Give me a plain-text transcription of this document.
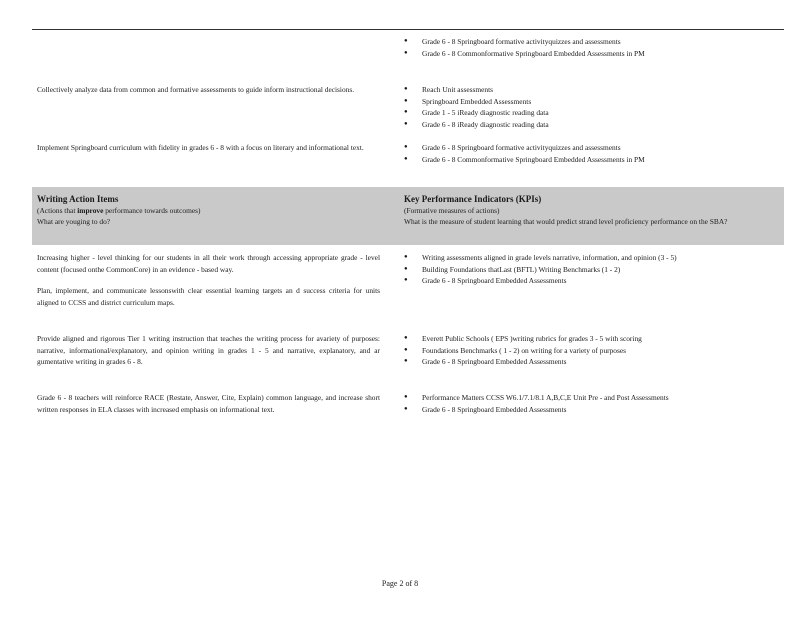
● Grade 6 - 8 Springboard formative activityquizzes and assessments
● Grade 6 - 8 Commonformative Springboard Embedded Assessments in PM
Collectively analyze data from common and formative assessments to guide inform instructional decisions.	● Reach Unit assessments
● Springboard Embedded Assessments
● Grade 1 - 5 iReady diagnostic reading data
● Grade 6 - 8 iReady diagnostic reading data
Implement Springboard curriculum with fidelity in grades 6 - 8 with a focus on literary and informational text.	● Grade 6 - 8 Springboard formative activityquizzes and assessments
● Grade 6 - 8 Commonformative Springboard Embedded Assessments in PM
Writing Action Items
(Actions that improve performance towards outcomes)
What are youging to do?
Key Performance Indicators (KPIs)
(Formative measures of actions)
What is the measure of student learning that would predict strand level proficiency performance on the SBA?

Increasing higher - level thinking for our students in all their work through accessing appropriate grade - level content (focused onthe CommonCore) in an evidence - based way.

Plan, implement, and communicate lessonswith clear essential learning targets an d success criteria for units aligned to CCSS and district curriculum maps.

● Writing assessments aligned in grade levels narrative, information, and opinion (3 - 5)
● Building Foundations thatLast (BFTL) Writing Benchmarks (1 - 2)
● Grade 6 - 8 Springboard Embedded Assessments

Provide aligned and rigorous Tier 1 writing instruction that teaches the writing process for avariety of purposes: narrative, informational/explanatory, and opinion writing in grades 1 - 5 and narrative, explanatory, and ar gumentative writing in grades 6 - 8.

● Everett Public Schools ( EPS )writing rubrics for grades 3 - 5 with scoring
● Foundations Benchmarks ( 1 - 2) on writing for a variety of purposes
● Grade 6 - 8 Springboard Embedded Assessments

Grade 6 - 8 teachers will reinforce RACE (Restate, Answer, Cite, Explain) common language, and increase short written responses in ELA classes with increased emphasis on informational text.

● Performance Matters CCSS W6.1/7.1/8.1 A,B,C,E Unit Pre - and Post Assessments
● Grade 6 - 8 Springboard Embedded Assessments
Page 2 of 8
